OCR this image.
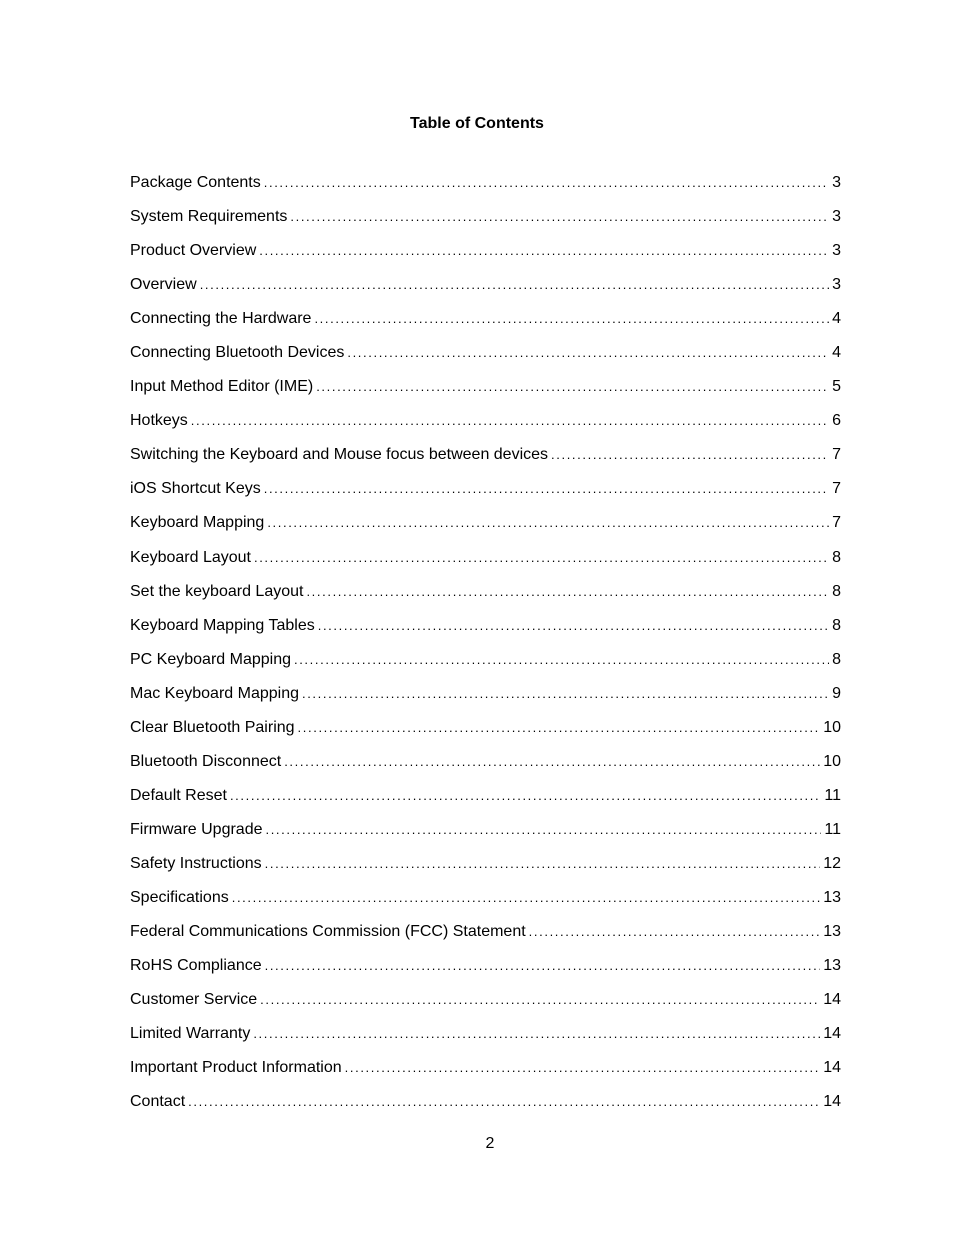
Table of Contents
Package Contents . . .	3
System Requirements . . .	3
Product Overview . . .	3
Overview . . .	3
Connecting the Hardware . . .	4
Connecting Bluetooth Devices . . .	4
Input Method Editor (IME) . . .	5
Hotkeys . . .	6
Switching the Keyboard and Mouse focus between devices . . .	7
iOS Shortcut Keys . . .	7
Keyboard Mapping . . .	7
Keyboard Layout . . .	8
Set the keyboard Layout . . .	8
Keyboard Mapping Tables . . .	8
PC Keyboard Mapping . . .	8
Mac Keyboard Mapping . . .	9
Clear Bluetooth Pairing . . .	10
Bluetooth Disconnect . . .	10
Default Reset . . .	11
Firmware Upgrade . . .	11
Safety Instructions . . .	12
Specifications . . .	13
Federal Communications Commission (FCC) Statement . . .	13
RoHS Compliance . . .	13
Customer Service . . .	14
Limited Warranty . . .	14
Important Product Information . . .	14
Contact . . .	14
2
